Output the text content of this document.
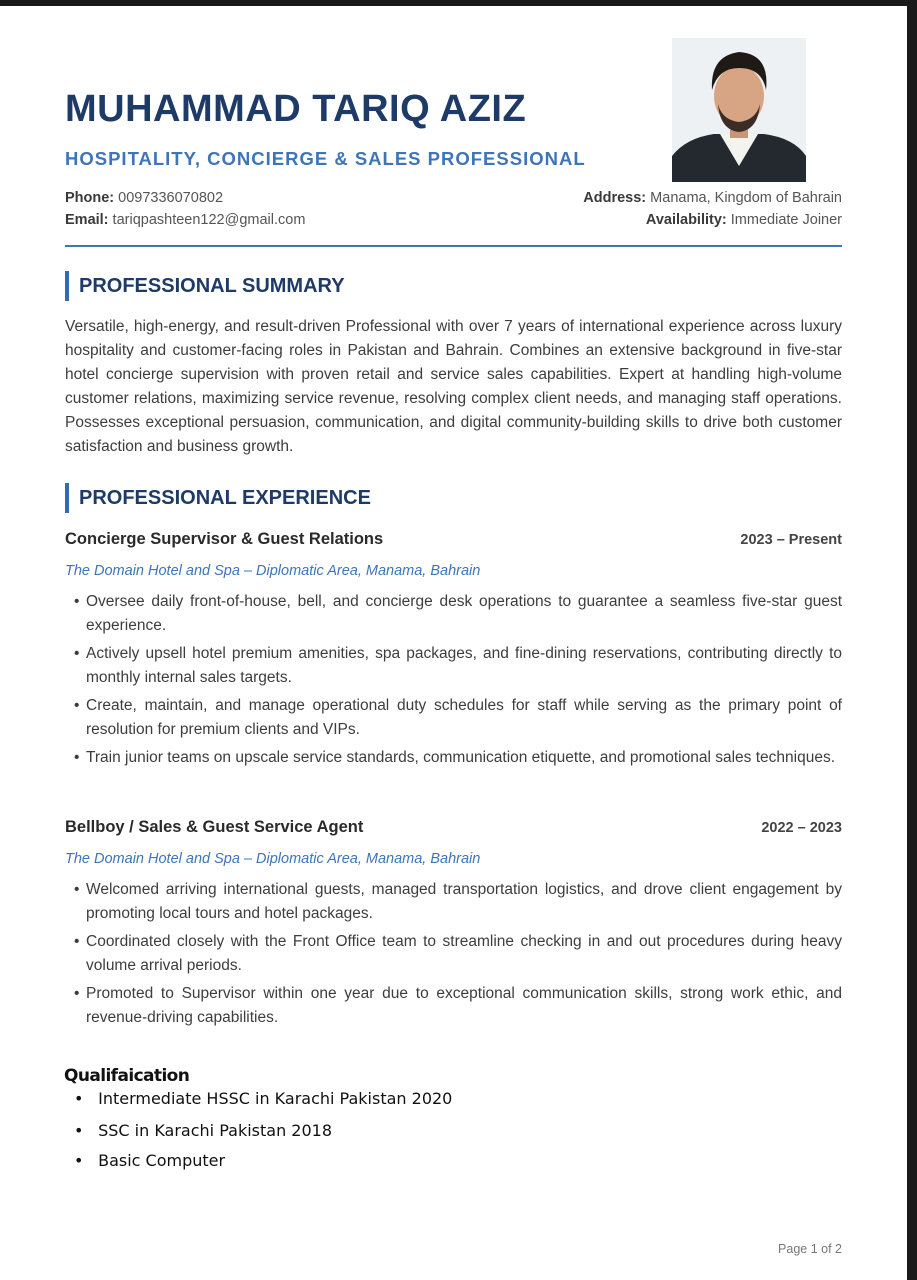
MUHAMMAD TARIQ AZIZ
HOSPITALITY, CONCIERGE & SALES PROFESSIONAL
Phone: 0097336070802
Email: tariqpashteen122@gmail.com
Address: Manama, Kingdom of Bahrain
Availability: Immediate Joiner
PROFESSIONAL SUMMARY
Versatile, high-energy, and result-driven Professional with over 7 years of international experience across luxury hospitality and customer-facing roles in Pakistan and Bahrain. Combines an extensive background in five-star hotel concierge supervision with proven retail and service sales capabilities. Expert at handling high-volume customer relations, maximizing service revenue, resolving complex client needs, and managing staff operations. Possesses exceptional persuasion, communication, and digital community-building skills to drive both customer satisfaction and business growth.
PROFESSIONAL EXPERIENCE
Concierge Supervisor & Guest Relations	2023 – Present
The Domain Hotel and Spa – Diplomatic Area, Manama, Bahrain
• Oversee daily front-of-house, bell, and concierge desk operations to guarantee a seamless five-star guest experience.
• Actively upsell hotel premium amenities, spa packages, and fine-dining reservations, contributing directly to monthly internal sales targets.
• Create, maintain, and manage operational duty schedules for staff while serving as the primary point of resolution for premium clients and VIPs.
• Train junior teams on upscale service standards, communication etiquette, and promotional sales techniques.
Bellboy / Sales & Guest Service Agent	2022 – 2023
The Domain Hotel and Spa – Diplomatic Area, Manama, Bahrain
• Welcomed arriving international guests, managed transportation logistics, and drove client engagement by promoting local tours and hotel packages.
• Coordinated closely with the Front Office team to streamline checking in and out procedures during heavy volume arrival periods.
• Promoted to Supervisor within one year due to exceptional communication skills, strong work ethic, and revenue-driving capabilities.
Qualifaication
• Intermediate HSSC in Karachi Pakistan 2020
• SSC in Karachi Pakistan 2018
• Basic Computer
Page 1 of 2
